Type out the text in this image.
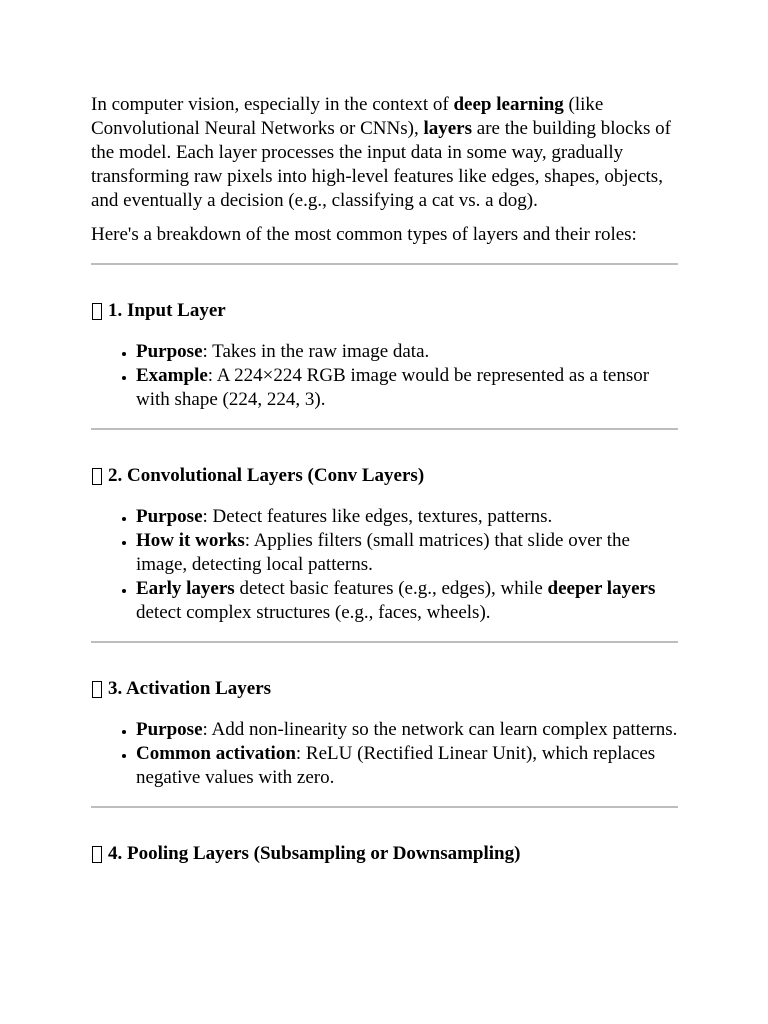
In computer vision, especially in the context of deep learning (like Convolutional Neural Networks or CNNs), layers are the building blocks of the model. Each layer processes the input data in some way, gradually transforming raw pixels into high-level features like edges, shapes, objects, and eventually a decision (e.g., classifying a cat vs. a dog).

Here's a breakdown of the most common types of layers and their roles:

1. Input Layer
• Purpose: Takes in the raw image data.
• Example: A 224×224 RGB image would be represented as a tensor with shape (224, 224, 3).
2. Convolutional Layers (Conv Layers)
• Purpose: Detect features like edges, textures, patterns.
• How it works: Applies filters (small matrices) that slide over the image, detecting local patterns.
• Early layers detect basic features (e.g., edges), while deeper layers detect complex structures (e.g., faces, wheels).
3. Activation Layers
• Purpose: Add non-linearity so the network can learn complex patterns.
• Common activation: ReLU (Rectified Linear Unit), which replaces negative values with zero.
4. Pooling Layers (Subsampling or Downsampling)
